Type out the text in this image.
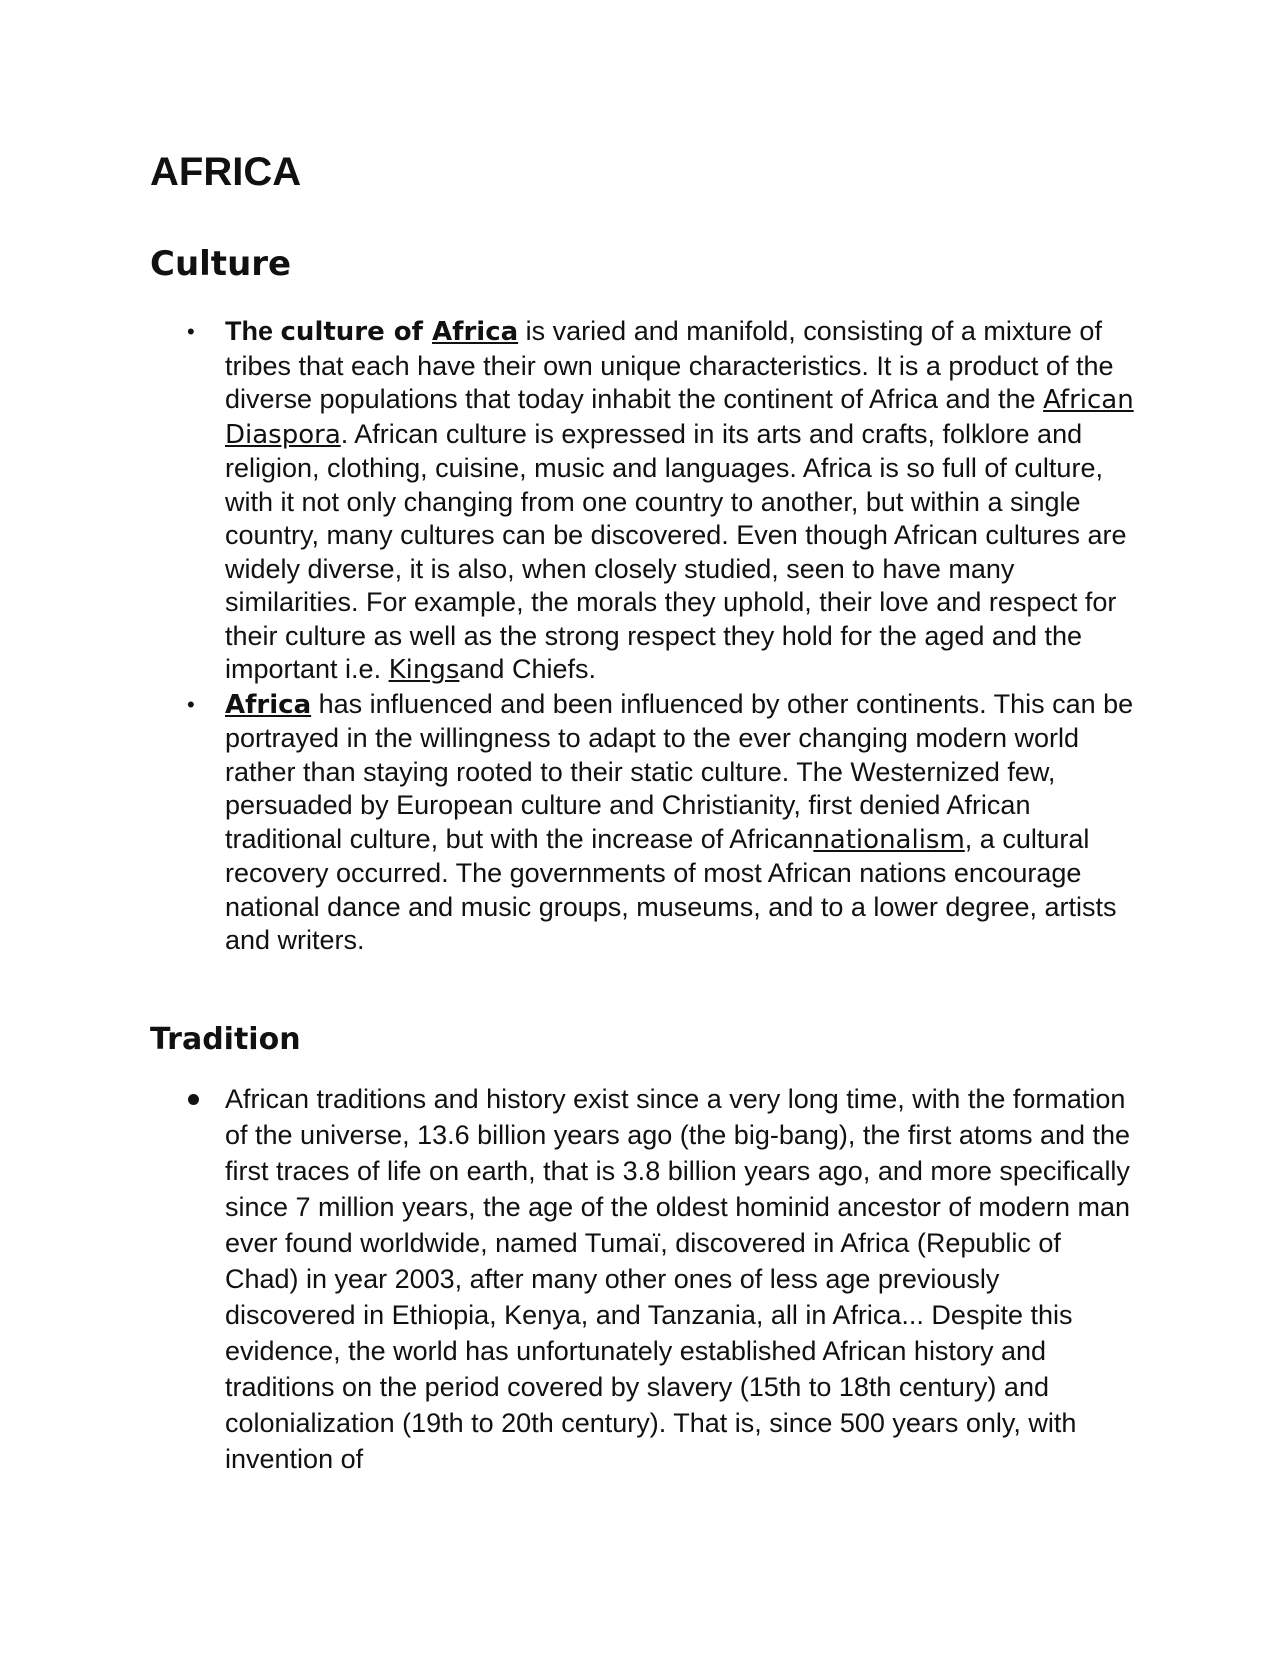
AFRICA
Culture
• The culture of Africa is varied and manifold, consisting of a mixture of tribes that each have their own unique characteristics. It is a product of the diverse populations that today inhabit the continent of Africa and the African Diaspora. African culture is expressed in its arts and crafts, folklore and religion, clothing, cuisine, music and languages. Africa is so full of culture, with it not only changing from one country to another, but within a single country, many cultures can be discovered. Even though African cultures are widely diverse, it is also, when closely studied, seen to have many similarities. For example, the morals they uphold, their love and respect for their culture as well as the strong respect they hold for the aged and the important i.e. Kingsand Chiefs.
• Africa has influenced and been influenced by other continents. This can be portrayed in the willingness to adapt to the ever changing modern world rather than staying rooted to their static culture. The Westernized few, persuaded by European culture and Christianity, first denied African traditional culture, but with the increase of Africannationalism, a cultural recovery occurred. The governments of most African nations encourage national dance and music groups, museums, and to a lower degree, artists and writers.
Tradition
African traditions and history exist since a very long time, with the formation of the universe, 13.6 billion years ago (the big-bang), the first atoms and the first traces of life on earth, that is 3.8 billion years ago, and more specifically since 7 million years, the age of the oldest hominid ancestor of modern man ever found worldwide, named Tumaï, discovered in Africa (Republic of Chad) in year 2003, after many other ones of less age previously discovered in Ethiopia, Kenya, and Tanzania, all in Africa... Despite this evidence, the world has unfortunately established African history and traditions on the period covered by slavery (15th to 18th century) and colonialization (19th to 20th century). That is, since 500 years only, with invention of
